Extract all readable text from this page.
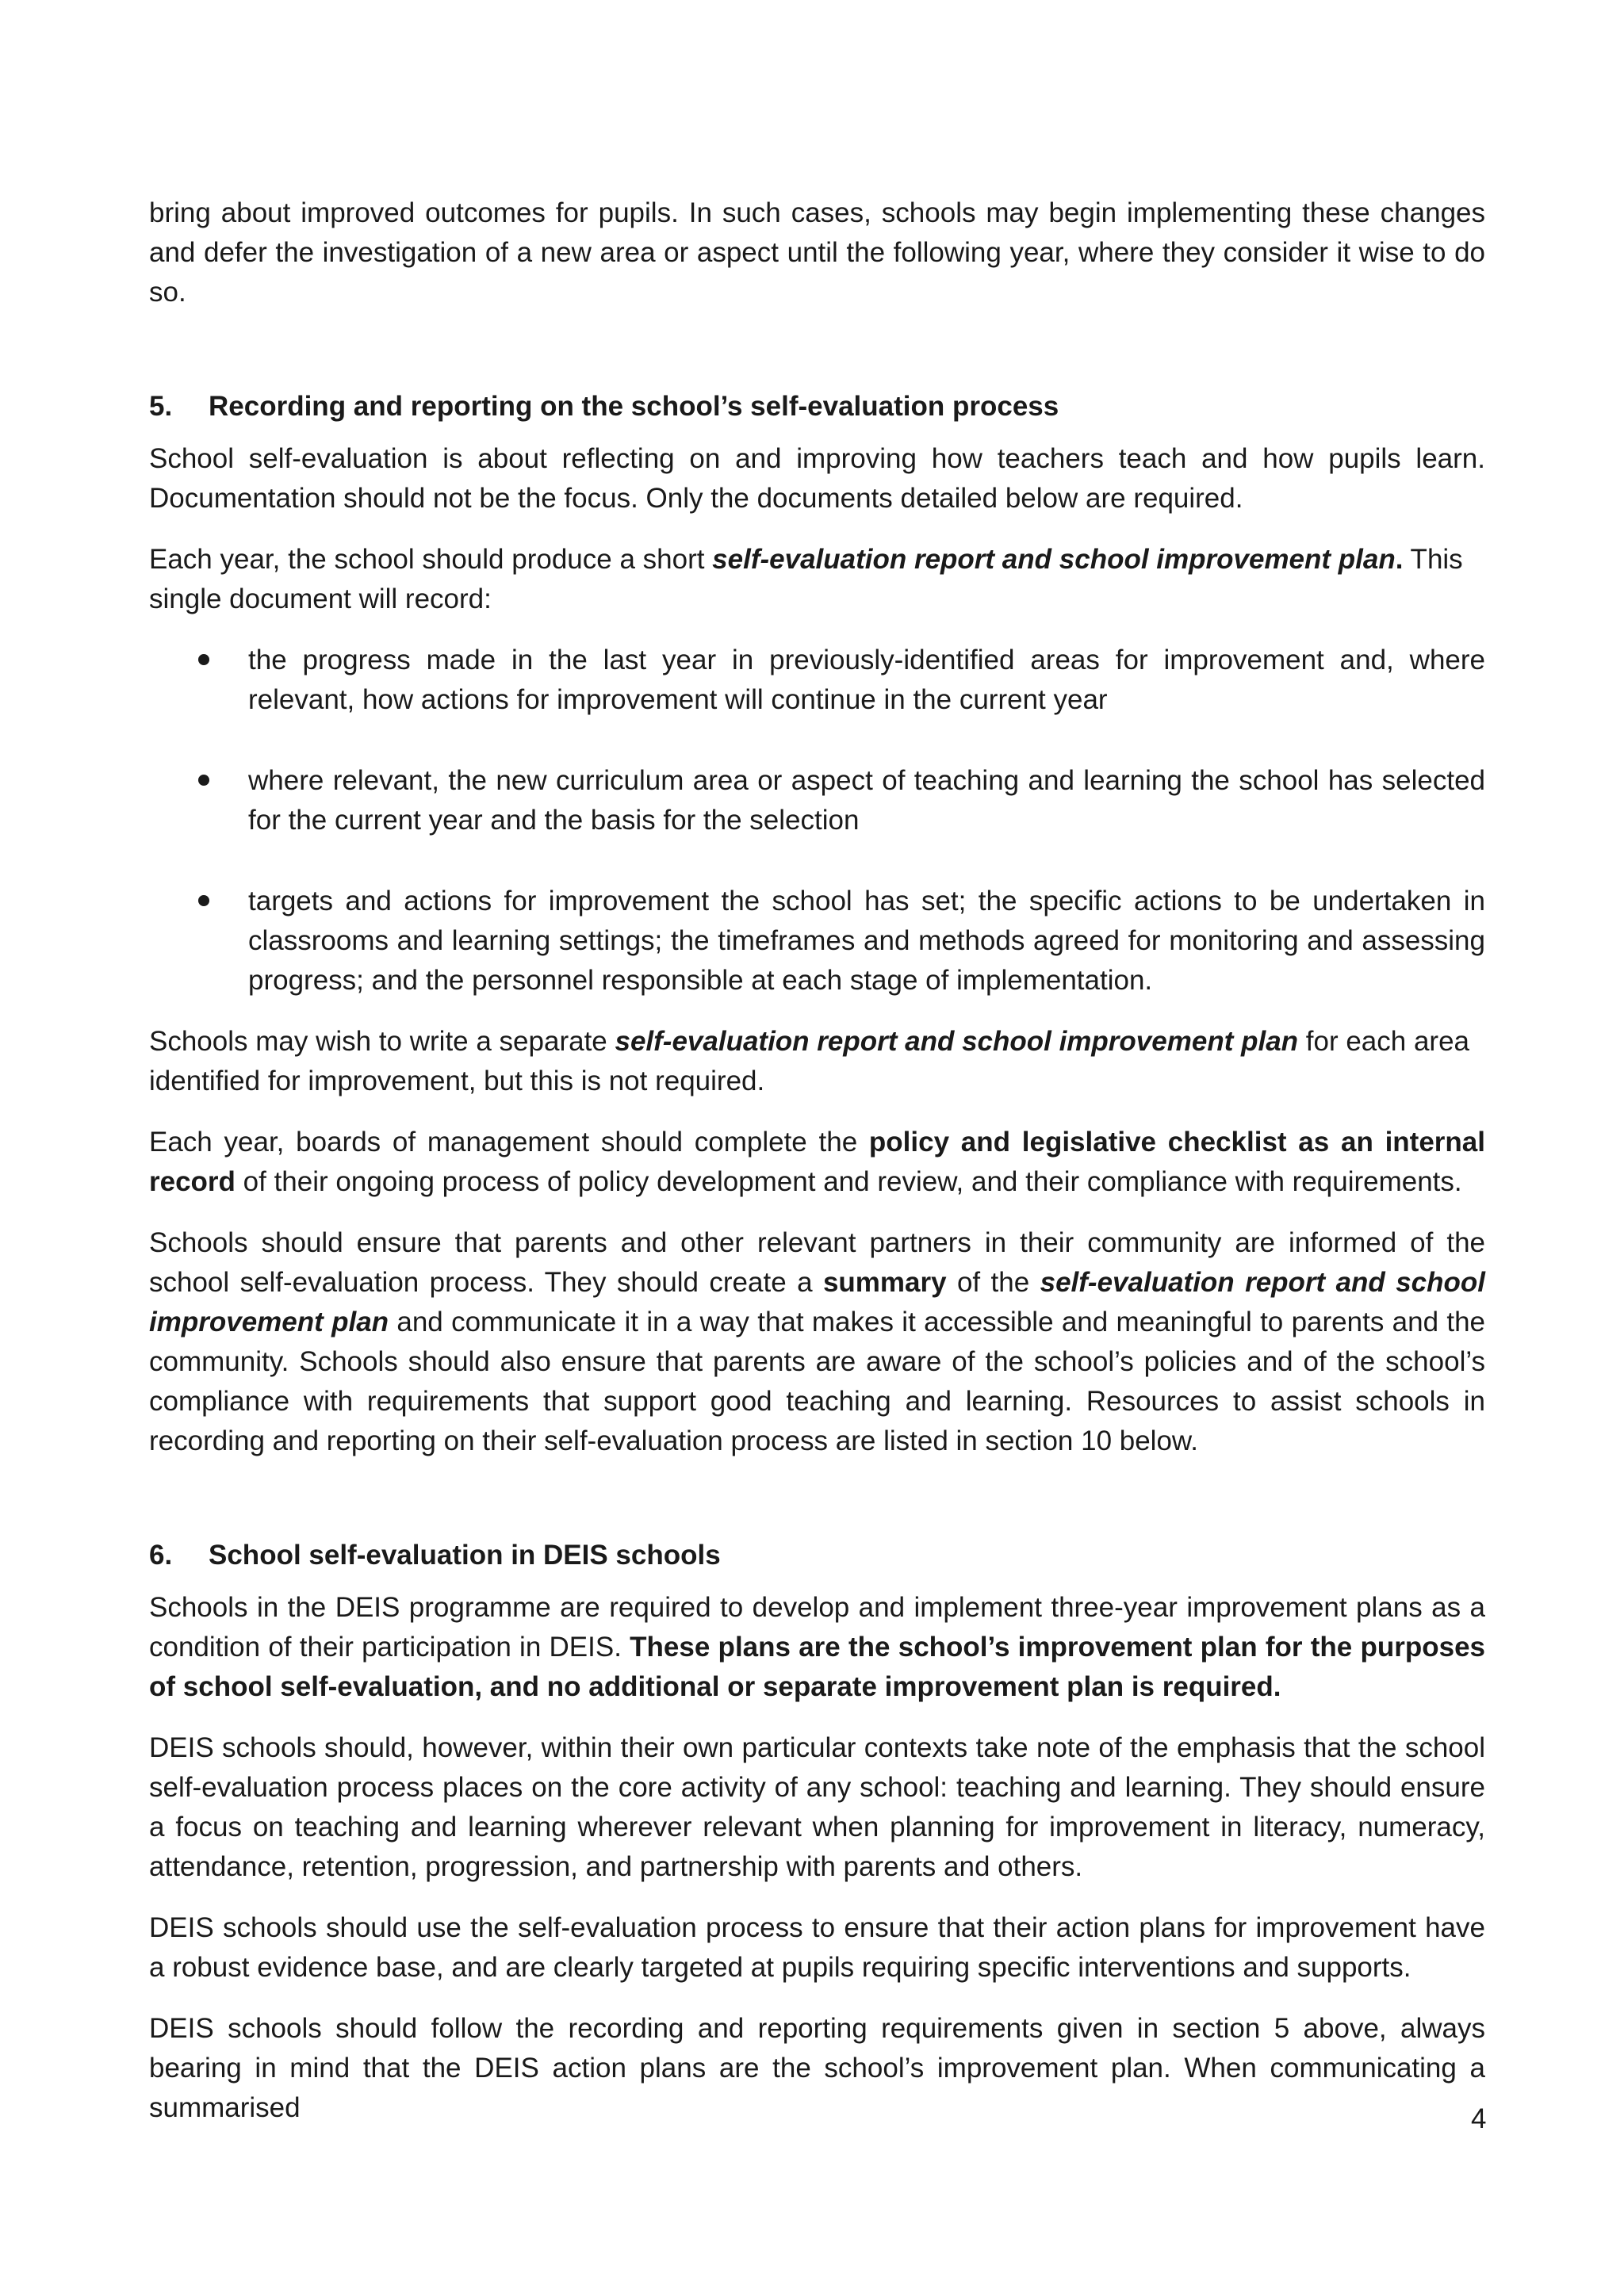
bring about improved outcomes for pupils. In such cases, schools may begin implementing these changes and defer the investigation of a new area or aspect until the following year, where they consider it wise to do so.

5. Recording and reporting on the school’s self-evaluation process

School self-evaluation is about reflecting on and improving how teachers teach and how pupils learn. Documentation should not be the focus. Only the documents detailed below are required.

Each year, the school should produce a short self-evaluation report and school improvement plan. This single document will record:

the progress made in the last year in previously-identified areas for improvement and, where relevant, how actions for improvement will continue in the current year
where relevant, the new curriculum area or aspect of teaching and learning the school has selected for the current year and the basis for the selection
targets and actions for improvement the school has set; the specific actions to be undertaken in classrooms and learning settings; the timeframes and methods agreed for monitoring and assessing progress; and the personnel responsible at each stage of implementation.

Schools may wish to write a separate self-evaluation report and school improvement plan for each area identified for improvement, but this is not required.

Each year, boards of management should complete the policy and legislative checklist as an internal record of their ongoing process of policy development and review, and their compliance with requirements.

Schools should ensure that parents and other relevant partners in their community are informed of the school self-evaluation process. They should create a summary of the self-evaluation report and school improvement plan and communicate it in a way that makes it accessible and meaningful to parents and the community. Schools should also ensure that parents are aware of the school’s policies and of the school’s compliance with requirements that support good teaching and learning. Resources to assist schools in recording and reporting on their self-evaluation process are listed in section 10 below.

6. School self-evaluation in DEIS schools

Schools in the DEIS programme are required to develop and implement three-year improvement plans as a condition of their participation in DEIS. These plans are the school’s improvement plan for the purposes of school self-evaluation, and no additional or separate improvement plan is required.

DEIS schools should, however, within their own particular contexts take note of the emphasis that the school self-evaluation process places on the core activity of any school: teaching and learning. They should ensure a focus on teaching and learning wherever relevant when planning for improvement in literacy, numeracy, attendance, retention, progression, and partnership with parents and others.

DEIS schools should use the self-evaluation process to ensure that their action plans for improvement have a robust evidence base, and are clearly targeted at pupils requiring specific interventions and supports.

DEIS schools should follow the recording and reporting requirements given in section 5 above, always bearing in mind that the DEIS action plans are the school’s improvement plan. When communicating a summarised	4
